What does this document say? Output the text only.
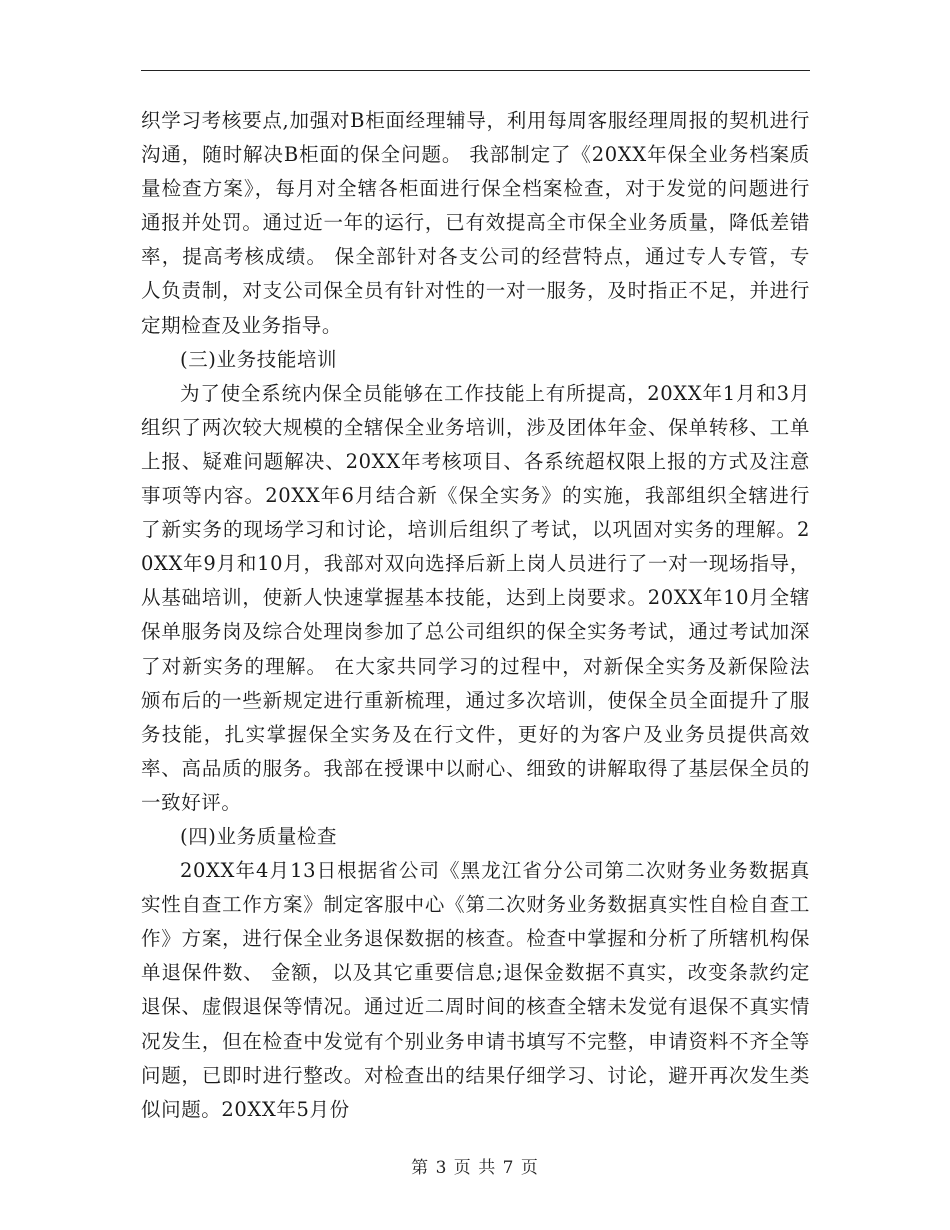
织学习考核要点,加强对B柜面经理辅导，利用每周客服经理周报的契机进行沟通，随时解决B柜面的保全问题。 我部制定了《20XX年保全业务档案质量检查方案》，每月对全辖各柜面进行保全档案检查，对于发觉的问题进行通报并处罚。通过近一年的运行，已有效提高全市保全业务质量，降低差错率，提高考核成绩。 保全部针对各支公司的经营特点，通过专人专管，专人负责制，对支公司保全员有针对性的一对一服务，及时指正不足，并进行定期检查及业务指导。

(三)业务技能培训

为了使全系统内保全员能够在工作技能上有所提高，20XX年1月和3月组织了两次较大规模的全辖保全业务培训，涉及团体年金、保单转移、工单上报、疑难问题解决、20XX年考核项目、各系统超权限上报的方式及注意事项等内容。20XX年6月结合新《保全实务》的实施，我部组织全辖进行了新实务的现场学习和讨论，培训后组织了考试，以巩固对实务的理解。20XX年9月和10月，我部对双向选择后新上岗人员进行了一对一现场指导，从基础培训，使新人快速掌握基本技能，达到上岗要求。20XX年10月全辖保单服务岗及综合处理岗参加了总公司组织的保全实务考试，通过考试加深了对新实务的理解。 在大家共同学习的过程中，对新保全实务及新保险法颁布后的一些新规定进行重新梳理，通过多次培训，使保全员全面提升了服务技能，扎实掌握保全实务及在行文件，更好的为客户及业务员提供高效率、高品质的服务。我部在授课中以耐心、细致的讲解取得了基层保全员的一致好评。

(四)业务质量检查

20XX年4月13日根据省公司《黑龙江省分公司第二次财务业务数据真实性自查工作方案》制定客服中心《第二次财务业务数据真实性自检自查工作》方案，进行保全业务退保数据的核查。检查中掌握和分析了所辖机构保单退保件数、 金额，以及其它重要信息;退保金数据不真实，改变条款约定退保、虚假退保等情况。通过近二周时间的核查全辖未发觉有退保不真实情况发生，但在检查中发觉有个别业务申请书填写不完整，申请资料不齐全等问题，已即时进行整改。对检查出的结果仔细学习、讨论，避开再次发生类似问题。20XX年5月份

第 3 页 共 7 页
